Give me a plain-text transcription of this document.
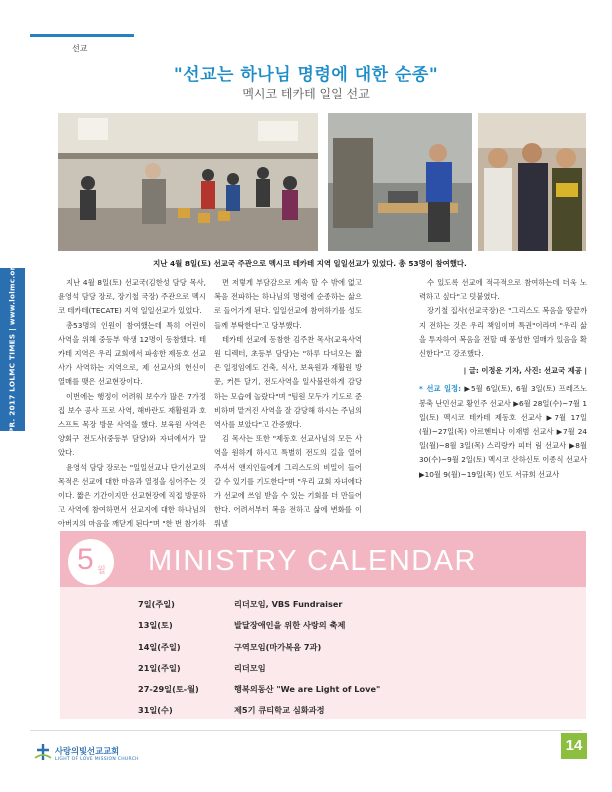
선교
"선교는 하나님 명령에 대한 순종"
멕시코 테카테 일일 선교
지난 4월 8일(토) 선교국 주관으로 멕시코 테카테 지역 일일선교가 있었다. 총 53명이 참여했다.
APR. 2017 LOLMC TIMES | www.lolmc.org	지난 4월 8일(토) 선교국(김한성 담당 목사, 윤영석 담당 장로, 장기철 국장) 주관으로 멕시코 테카테(TECATE) 지역 일일선교가 있었다.

총53명의 인원이 참여했는데 특히 어린이 사역을 위해 중등부 학생 12명이 동참했다. 테카테 지역은 우리 교회에서 파송한 제동호 선교사가 사역하는 지역으로, 제 선교사의 헌신이 열매를 맺은 선교현장이다.

이번에는 행정이 어려워 보수가 많은 7가정 집 보수 공사 프로 사역, 해바란도 재활원과 호스프트 목장 방문 사역을 했다. 보육원 사역은 양회구 전도사(중등부 담당)와 자녀에서가 말았다.

윤영석 담당 장로는 "일일선교나 단기선교의 목적은 선교에 대한 마음과 열정을 심어주는 것이다. 짧은 기간이지만 선교현장에 직접 방문하고 사역에 참여하면서 선교지에 대한 하나님의 아버지의 마음을 깨닫게 된다"며 "한 번 참가하

면 저렇게 부담감으로 계속 할 수 밖에 없고 복음 전파하는 하나님의 명령에 순종하는 삶으로 들어가게 된다. 일일선교에 참여하기를 성도들께 부탁한다"고 당부했다.

테카테 선교에 동참한 김주찬 목사(교육사역원 디렉터, 초등부 담당)는 "하루 다녀오는 짧은 일정임에도 건축, 식사, 보육원과 재활원 방문, 커튼 달기, 전도사역을 일사불란하게 감당하는 모습에 놀랐다"며 "팀원 모두가 기도로 준비하며 맡겨진 사역을 잘 감당해 하시는 주님의 역사를 보았다"고 간증했다.

김 목사는 또한 "제동호 선교사님의 모든 사역을 원하게 하시고 특별히 전도의 길을 열어 주셔서 앤지인들에게 그리스도의 비밀이 들어갈 수 있기를 기도한다"며 "우리 교회 자녀에다가 선교에 쓰임 받을 수 있는 기회를 더 만들어 한다. 어려서부터 복음 전하고 삶에 변화를 이뤄낼

수 있도록 선교에 적극적으로 참여하는데 더욱 노력하고 싶다"고 덧붙였다.

장기철 집사(선교국장)은 "그리스도 복음을 땅끝까지 전하는 것은 우리 책임이며 특권"이라며 "우리 삶을 투자하여 복음을 전할 때 풍성한 열매가 있음을 확신한다"고 강조했다.

| 글: 이정운 기자, 사진: 선교국 제공 |

* 선교 일정: ▶5월 6일(토), 6월 3일(토) 프레즈노 봉축 난민선교 황인주 선교사 ▶6월 28일(수)~7월 1일(토) 멕시코 테카테 제동호 선교사 ▶7월 17일(월)~27일(목) 아르헨티나 이재범 선교사 ▶7월 24일(월)~8월 3일(목) 스리랑카 피터 림 선교사 ▶8월 30(수)~9월 2일(토) 멕시코 산하신토 이종식 선교사 ▶10월 9(월)~19일(목) 인도 서규희 선교사

5 월 MINISTRY CALENDAR
7일(주일)	리더모임, VBS Fundraiser
13일(토)	발달장애인을 위한 사랑의 축제
14일(주일)	구역모임(마가복음 7과)
21일(주일)	리더모임
27-29일(토-월)	행복의동산 "We are Light of Love"
31일(수)	제5기 큐티학교 심화과정
사랑의빛선교교회
LIGHT OF LOVE MISSION CHURCH
14
